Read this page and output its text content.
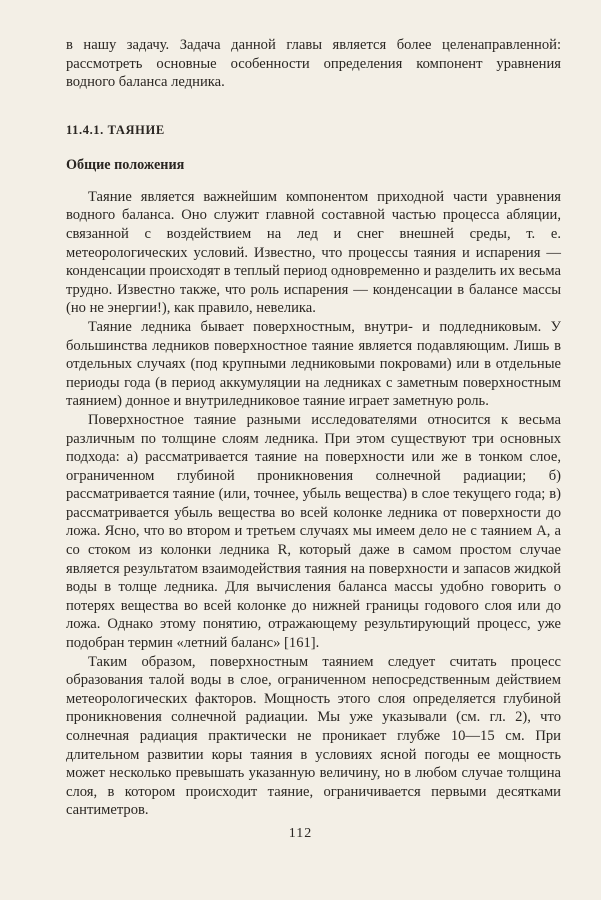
в нашу задачу. Задача данной главы является более целенаправленной: рассмотреть основные особенности определения компонент уравнения водного баланса ледника.

11.4.1. ТАЯНИЕ
Общие положения

Таяние является важнейшим компонентом приходной части уравнения водного баланса. Оно служит главной составной частью процесса абляции, связанной с воздействием на лед и снег внешней среды, т. е. метеорологических условий. Известно, что процессы таяния и испарения — конденсации происходят в теплый период одновременно и разделить их весьма трудно. Известно также, что роль испарения — конденсации в балансе массы (но не энергии!), как правило, невелика.

Таяние ледника бывает поверхностным, внутри- и подледниковым. У большинства ледников поверхностное таяние является подавляющим. Лишь в отдельных случаях (под крупными ледниковыми покровами) или в отдельные периоды года (в период аккумуляции на ледниках с заметным поверхностным таянием) донное и внутриледниковое таяние играет заметную роль.

Поверхностное таяние разными исследователями относится к весьма различным по толщине слоям ледника. При этом существуют три основных подхода: а) рассматривается таяние на поверхности или же в тонком слое, ограниченном глубиной проникновения солнечной радиации; б) рассматривается таяние (или, точнее, убыль вещества) в слое текущего года; в) рассматривается убыль вещества во всей колонке ледника от поверхности до ложа. Ясно, что во втором и третьем случаях мы имеем дело не с таянием A, а со стоком из колонки ледника R, который даже в самом простом случае является результатом взаимодействия таяния на поверхности и запасов жидкой воды в толще ледника. Для вычисления баланса массы удобно говорить о потерях вещества во всей колонке до нижней границы годового слоя или до ложа. Однако этому понятию, отражающему результирующий процесс, уже подобран термин «летний баланс» [161].

Таким образом, поверхностным таянием следует считать процесс образования талой воды в слое, ограниченном непосредственным действием метеорологических факторов. Мощность этого слоя определяется глубиной проникновения солнечной радиации. Мы уже указывали (см. гл. 2), что солнечная радиация практически не проникает глубже 10—15 см. При длительном развитии коры таяния в условиях ясной погоды ее мощность может несколько превышать указанную величину, но в любом случае толщина слоя, в котором происходит таяние, ограничивается первыми десятками сантиметров.

112
